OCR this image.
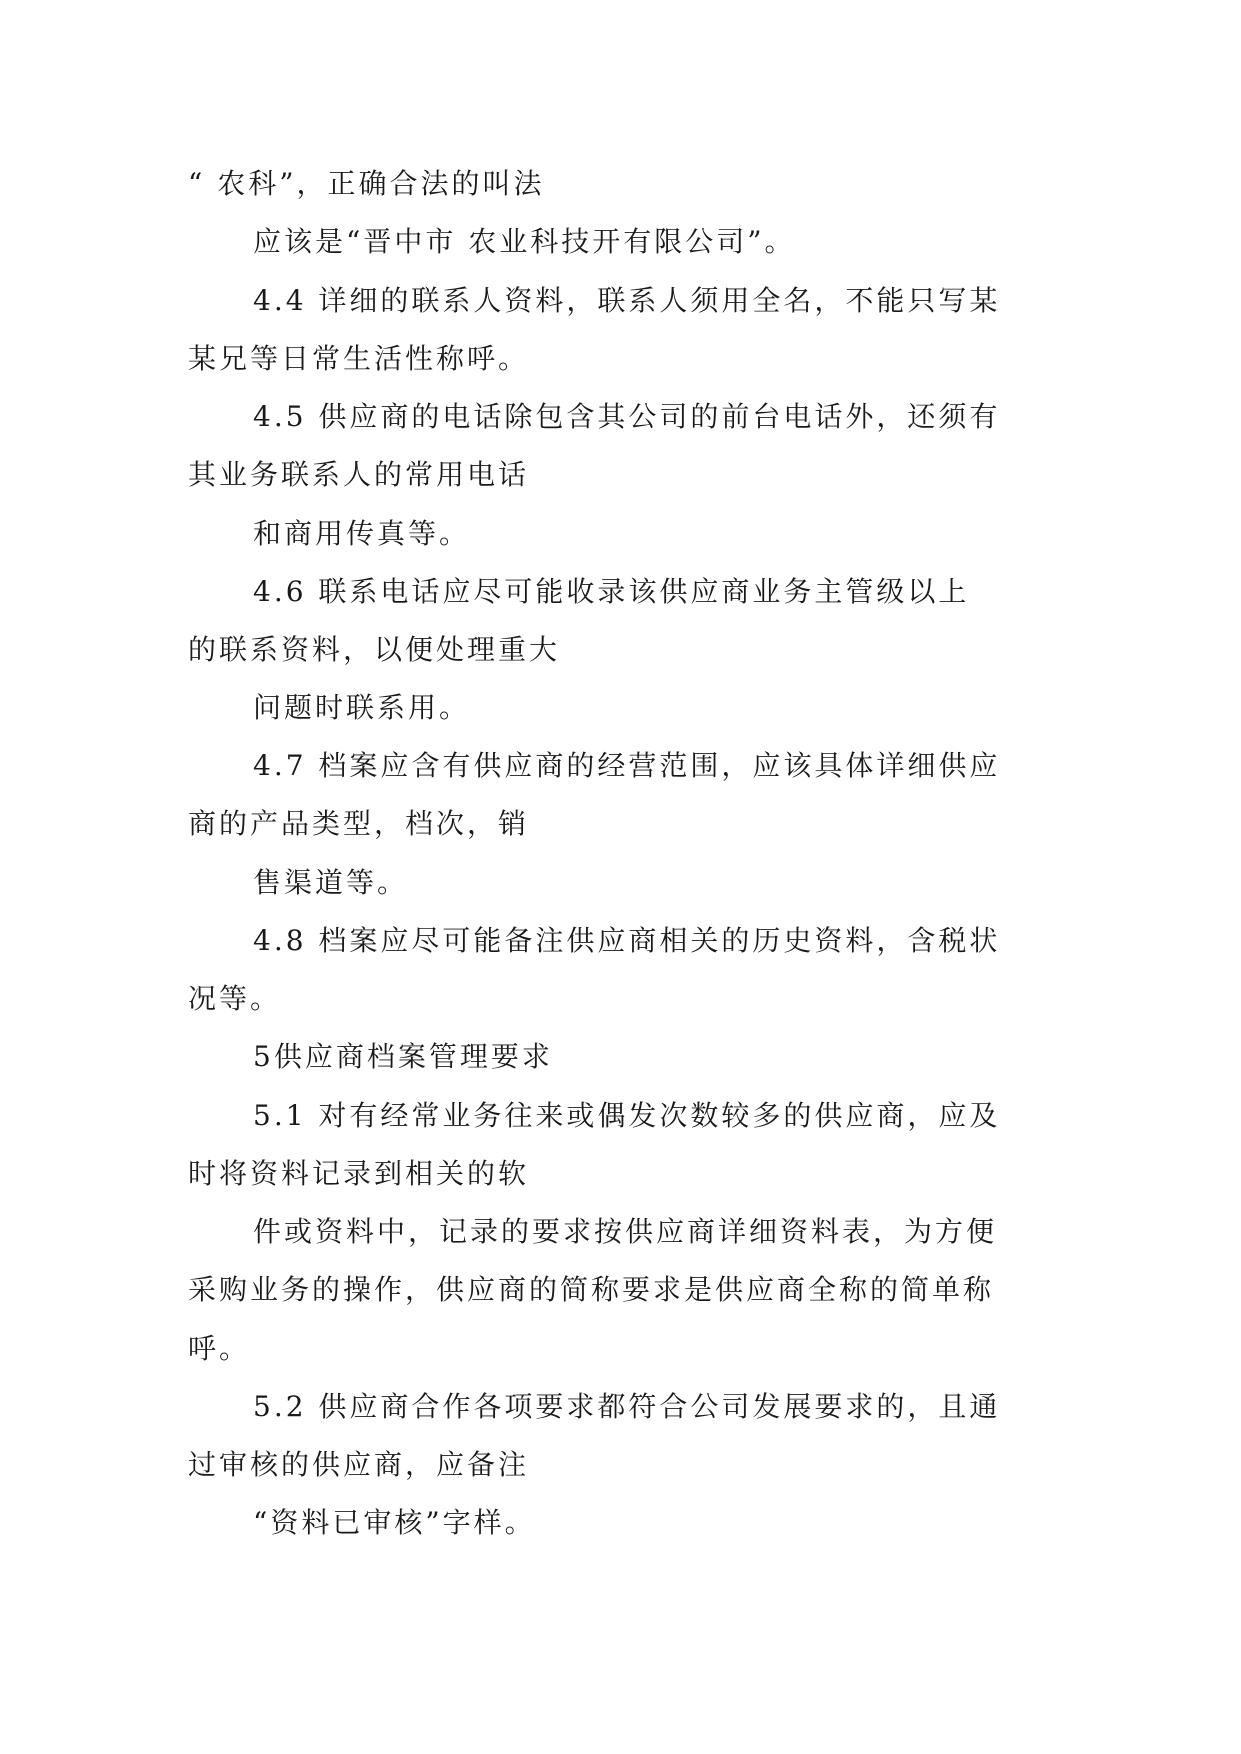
“ 农科”，正确合法的叫法
应该是“晋中市 农业科技开有限公司”。
4.4 详细的联系人资料，联系人须用全名，不能只写某
某兄等日常生活性称呼。
4.5 供应商的电话除包含其公司的前台电话外，还须有
其业务联系人的常用电话
和商用传真等。
4.6 联系电话应尽可能收录该供应商业务主管级以上
的联系资料，以便处理重大
问题时联系用。
4.7 档案应含有供应商的经营范围，应该具体详细供应
商的产品类型，档次，销
售渠道等。
4.8 档案应尽可能备注供应商相关的历史资料，含税状
况等。
5供应商档案管理要求
5.1 对有经常业务往来或偶发次数较多的供应商，应及
时将资料记录到相关的软
件或资料中，记录的要求按供应商详细资料表，为方便
采购业务的操作，供应商的简称要求是供应商全称的简单称
呼。
5.2 供应商合作各项要求都符合公司发展要求的，且通
过审核的供应商，应备注
“资料已审核”字样。
